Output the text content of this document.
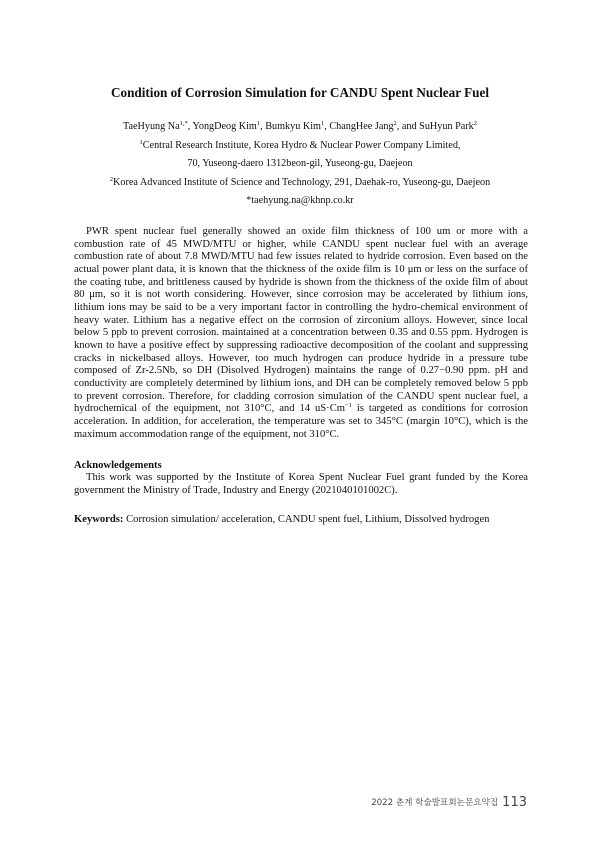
Condition of Corrosion Simulation for CANDU Spent Nuclear Fuel
TaeHyung $Na^{1,*}$, YongDeog Kim$^1$, Bumkyu Kim$^1$, ChangHee Jang$^2$, and SuHyun Park$^2$
$^1$Central Research Institute, Korea Hydro & Nuclear Power Company Limited,
70, Yuseong-daero 1312beon-gil, Yuseong-gu, Daejeon
$^2$Korea Advanced Institute of Science and Technology, 291, Daehak-ro, Yuseong-gu, Daejeon
*taehyung.na@khnp.co.kr

PWR spent nuclear fuel generally showed an oxide film thickness of 100 um or more with a combustion rate of 45 MWD/MTU or higher, while CANDU spent nuclear fuel with an average combustion rate of about 7.8 MWD/MTU had few issues related to hydride corrosion. Even based on the actual power plant data, it is known that the thickness of the oxide film is 10 μm or less on the surface of the coating tube, and brittleness caused by hydride is shown from the thickness of the oxide film of about 80 μm, so it is not worth considering. However, since corrosion may be accelerated by lithium ions, lithium ions may be said to be a very important factor in controlling the hydro-chemical environment of heavy water. Lithium has a negative effect on the corrosion of zirconium alloys. However, since local below 5 ppb to prevent corrosion. maintained at a concentration between 0.35 and 0.55 ppm. Hydrogen is known to have a positive effect by suppressing radioactive decomposition of the coolant and suppressing cracks in nickelbased alloys. However, too much hydrogen can produce hydride in a pressure tube composed of Zr-2.5Nb, so DH (Disolved Hydrogen) maintains the range of 0.27−0.90 ppm. pH and conductivity are completely determined by lithium ions, and DH can be completely removed below 5 ppb to prevent corrosion. Therefore, for cladding corrosion simulation of the CANDU spent nuclear fuel, a hydrochemical of the equipment, not 310°C, and 14 $uS\cdot Cm^{-1}$ is targeted as conditions for corrosion acceleration. In addition, for acceleration, the temperature was set to 345°C (margin 10°C), which is the maximum accommodation range of the equipment, not 310°C.

Acknowledgements

This work was supported by the Institute of Korea Spent Nuclear Fuel grant funded by the Korea government the Ministry of Trade, Industry and Energy (2021040101002C).

Keywords: Corrosion simulation/ acceleration, CANDU spent fuel, Lithium, Dissolved hydrogen
2022 춘계 학술발표회논문요약집 113
